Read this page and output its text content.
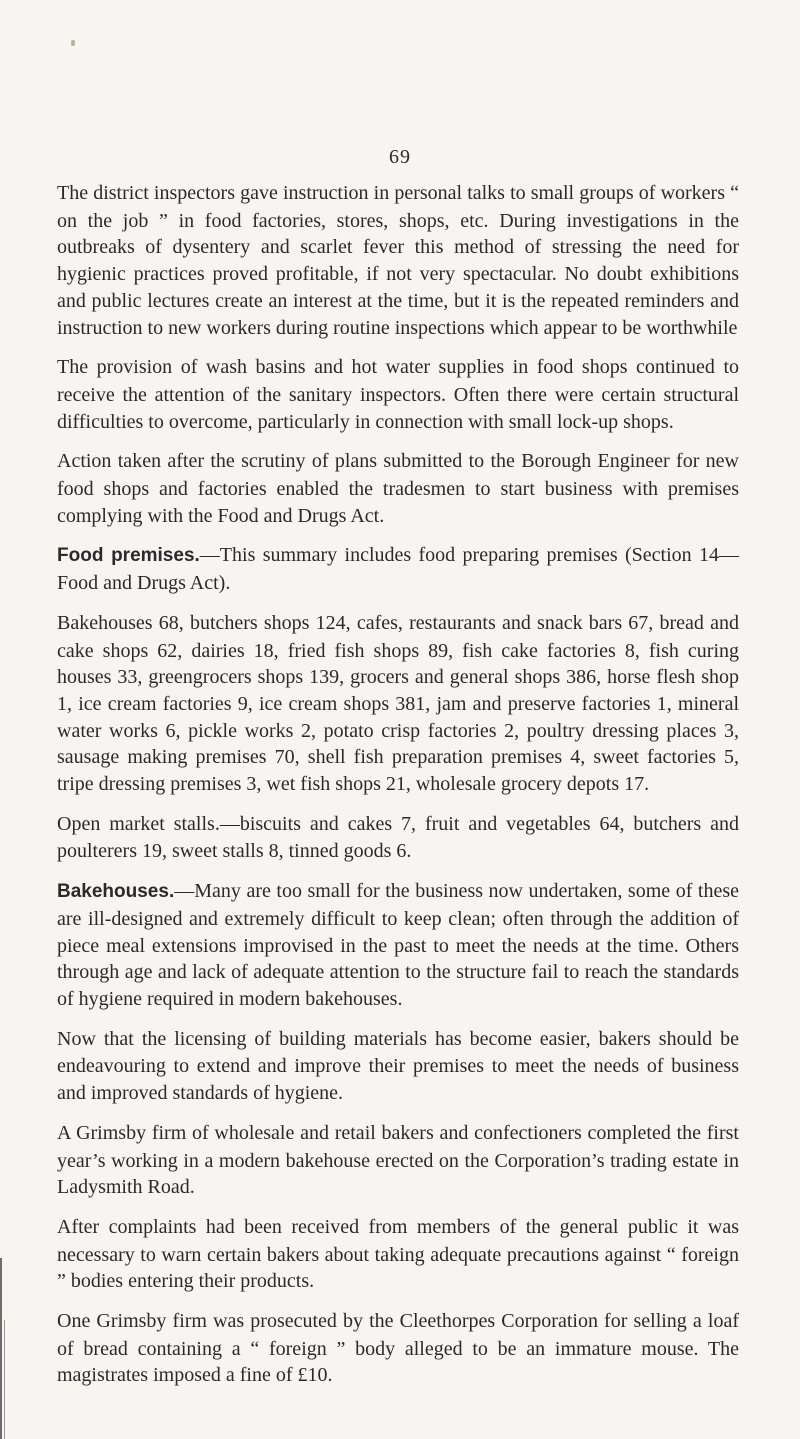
69

The district inspectors gave instruction in personal talks to small groups of workers “ on the job ” in food factories, stores, shops, etc. During investigations in the outbreaks of dysentery and scarlet fever this method of stressing the need for hygienic practices proved profitable, if not very spectacular. No doubt exhibitions and public lectures create an interest at the time, but it is the repeated reminders and instruction to new workers during routine inspections which appear to be worthwhile

The provision of wash basins and hot water supplies in food shops continued to receive the attention of the sanitary inspectors. Often there were certain structural difficulties to overcome, particularly in connection with small lock-up shops.

Action taken after the scrutiny of plans submitted to the Borough Engineer for new food shops and factories enabled the tradesmen to start business with premises complying with the Food and Drugs Act.

Food premises.—This summary includes food preparing premises (Section 14—Food and Drugs Act).

Bakehouses 68, butchers shops 124, cafes, restaurants and snack bars 67, bread and cake shops 62, dairies 18, fried fish shops 89, fish cake factories 8, fish curing houses 33, greengrocers shops 139, grocers and general shops 386, horse flesh shop 1, ice cream factories 9, ice cream shops 381, jam and preserve factories 1, mineral water works 6, pickle works 2, potato crisp factories 2, poultry dressing places 3, sausage making premises 70, shell fish preparation premises 4, sweet factories 5, tripe dressing premises 3, wet fish shops 21, wholesale grocery depots 17.

Open market stalls.—biscuits and cakes 7, fruit and vegetables 64, butchers and poulterers 19, sweet stalls 8, tinned goods 6.

Bakehouses.—Many are too small for the business now undertaken, some of these are ill-designed and extremely difficult to keep clean; often through the addition of piece meal extensions improvised in the past to meet the needs at the time. Others through age and lack of adequate attention to the structure fail to reach the standards of hygiene required in modern bakehouses.

Now that the licensing of building materials has become easier, bakers should be endeavouring to extend and improve their premises to meet the needs of business and improved standards of hygiene.

A Grimsby firm of wholesale and retail bakers and confectioners completed the first year’s working in a modern bakehouse erected on the Corporation’s trading estate in Ladysmith Road.

After complaints had been received from members of the general public it was necessary to warn certain bakers about taking adequate precautions against “ foreign ” bodies entering their products.

One Grimsby firm was prosecuted by the Cleethorpes Corporation for selling a loaf of bread containing a “ foreign ” body alleged to be an immature mouse. The magistrates imposed a fine of £10.
